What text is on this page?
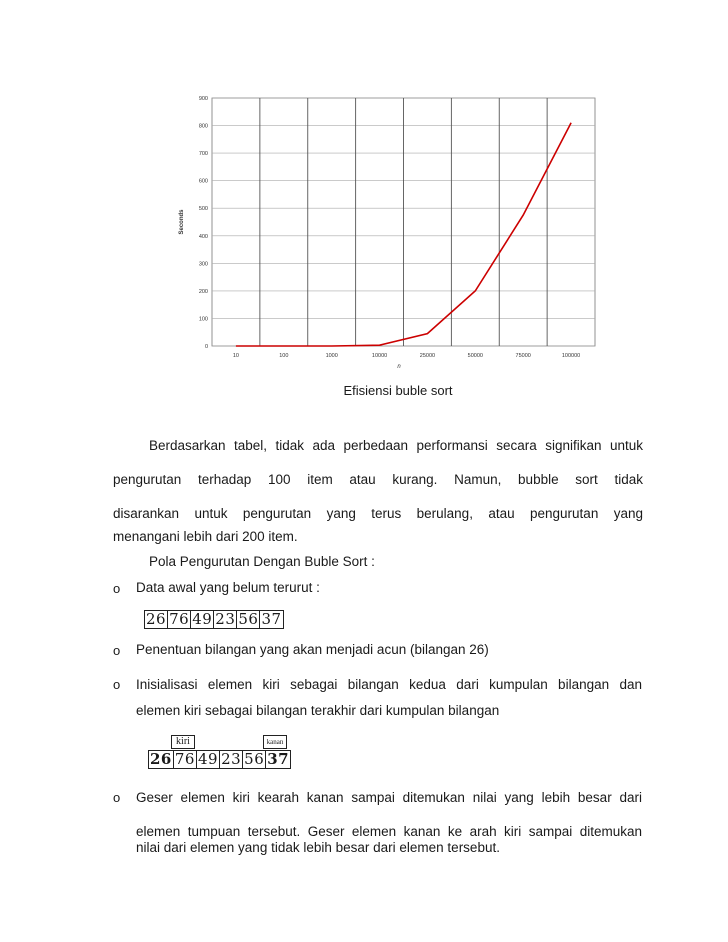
0
100
200
300
400
500
600
700
800
900
10	100	1000	10000	25000	50000	75000	100000
Seconds
n
Efisiensi buble sort
Berdasarkan tabel, tidak ada perbedaan performansi secara signifikan untuk
pengurutan terhadap 100 item atau kurang. Namun, bubble sort tidak
disarankan untuk pengurutan yang terus berulang, atau pengurutan yang
menangani lebih dari 200 item.
Pola Pengurutan Dengan Buble Sort :
o Data awal yang belum terurut :
26 76 49 23 56 37
o Penentuan bilangan yang akan menjadi acun (bilangan 26)
o Inisialisasi elemen kiri sebagai bilangan kedua dari kumpulan bilangan dan
elemen kiri sebagai bilangan terakhir dari kumpulan bilangan
kiri	kanan
26 76 49 23 56 37
o Geser elemen kiri kearah kanan sampai ditemukan nilai yang lebih besar dari
elemen tumpuan tersebut. Geser elemen kanan ke arah kiri sampai ditemukan
nilai dari elemen yang tidak lebih besar dari elemen tersebut.
